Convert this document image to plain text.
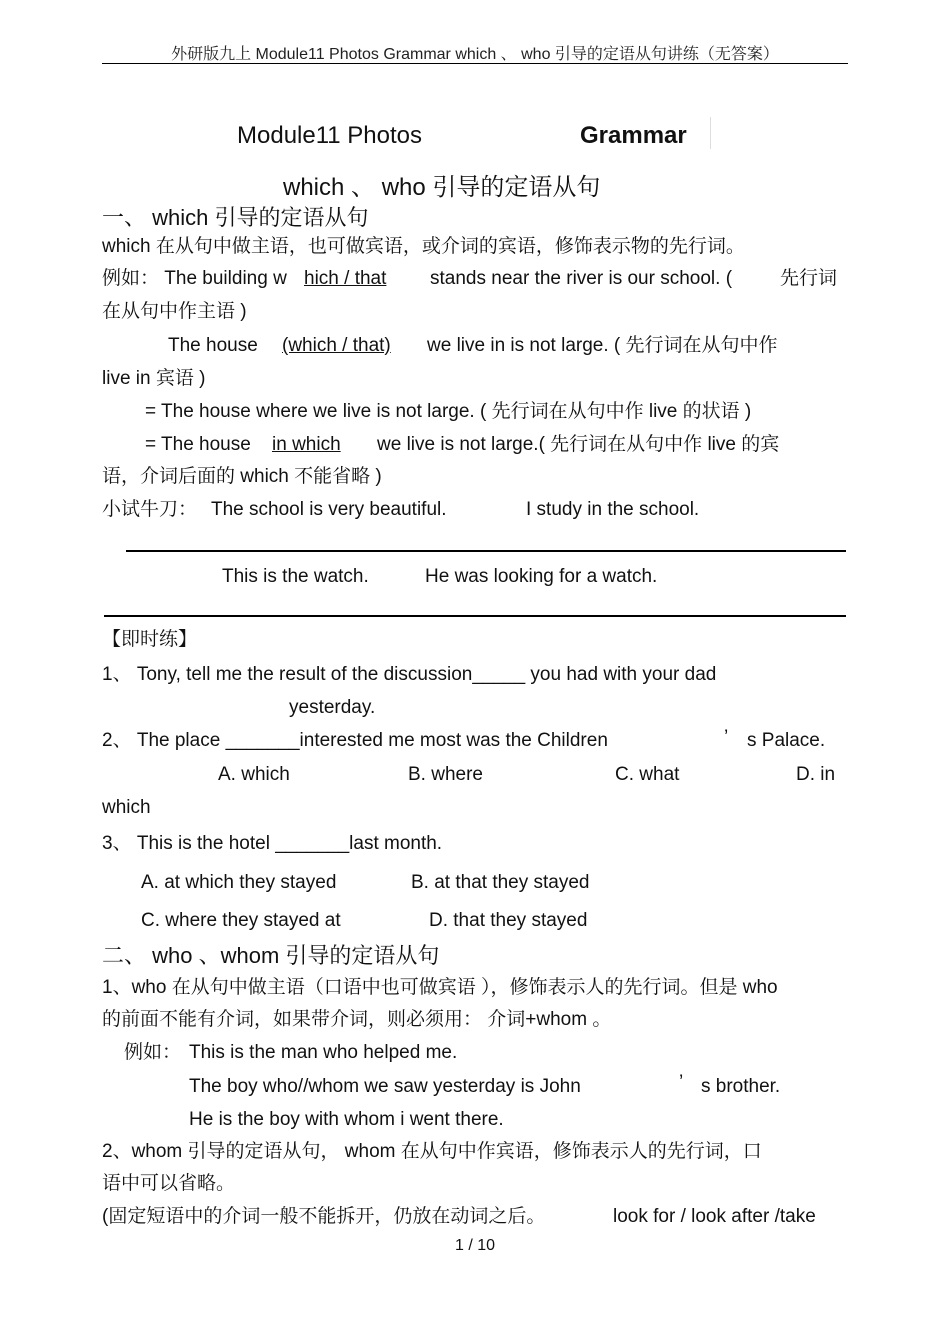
外研版九上 Module11 Photos Grammar which 、 who 引导的定语从句讲练（无答案）
Module11 Photos	Grammar
which 、 who 引导的定语从句
一、 which 引导的定语从句
which 在从句中做主语，也可做宾语，或介词的宾语，修饰表示物的先行词。
例如： The building w hich / that	stands near the river is our school. (	先行词
在从句中作主语 )
The house (which / that)	we live in is not large. ( 先行词在从句中作
live in 宾语 )
= The house where we live is not large. ( 先行词在从句中作 live 的状语 )
= The house in which	we live is not large.( 先行词在从句中作 live 的宾
语，介词后面的 which 不能省略 )
小试牛刀： The school is very beautiful.	I study in the school.
This is the watch.	He was looking for a watch.
【即时练】
1、 Tony, tell me the result of the discussion_____ you had with your dad
yesterday.
2、 The place _______interested me most was the Children	’ s Palace.
A. which	B. where	C. what	D. in
which
3、 This is the hotel _______last month.
A. at which they stayed	B. at that they stayed
C. where they stayed at	D. that they stayed
二、 who 、whom 引导的定语从句
1、who 在从句中做主语（口语中也可做宾语 ），修饰表示人的先行词。但是 who
的前面不能有介词，如果带介词，则必须用： 介词+whom 。
例如： This is the man who helped me.
The boy who//whom we saw yesterday is John	’ s brother.
He is the boy with whom i went there.
2、whom 引导的定语从句， whom 在从句中作宾语，修饰表示人的先行词，口
语中可以省略。
(固定短语中的介词一般不能拆开，仍放在动词之后。	look for / look after /take
1 / 10
